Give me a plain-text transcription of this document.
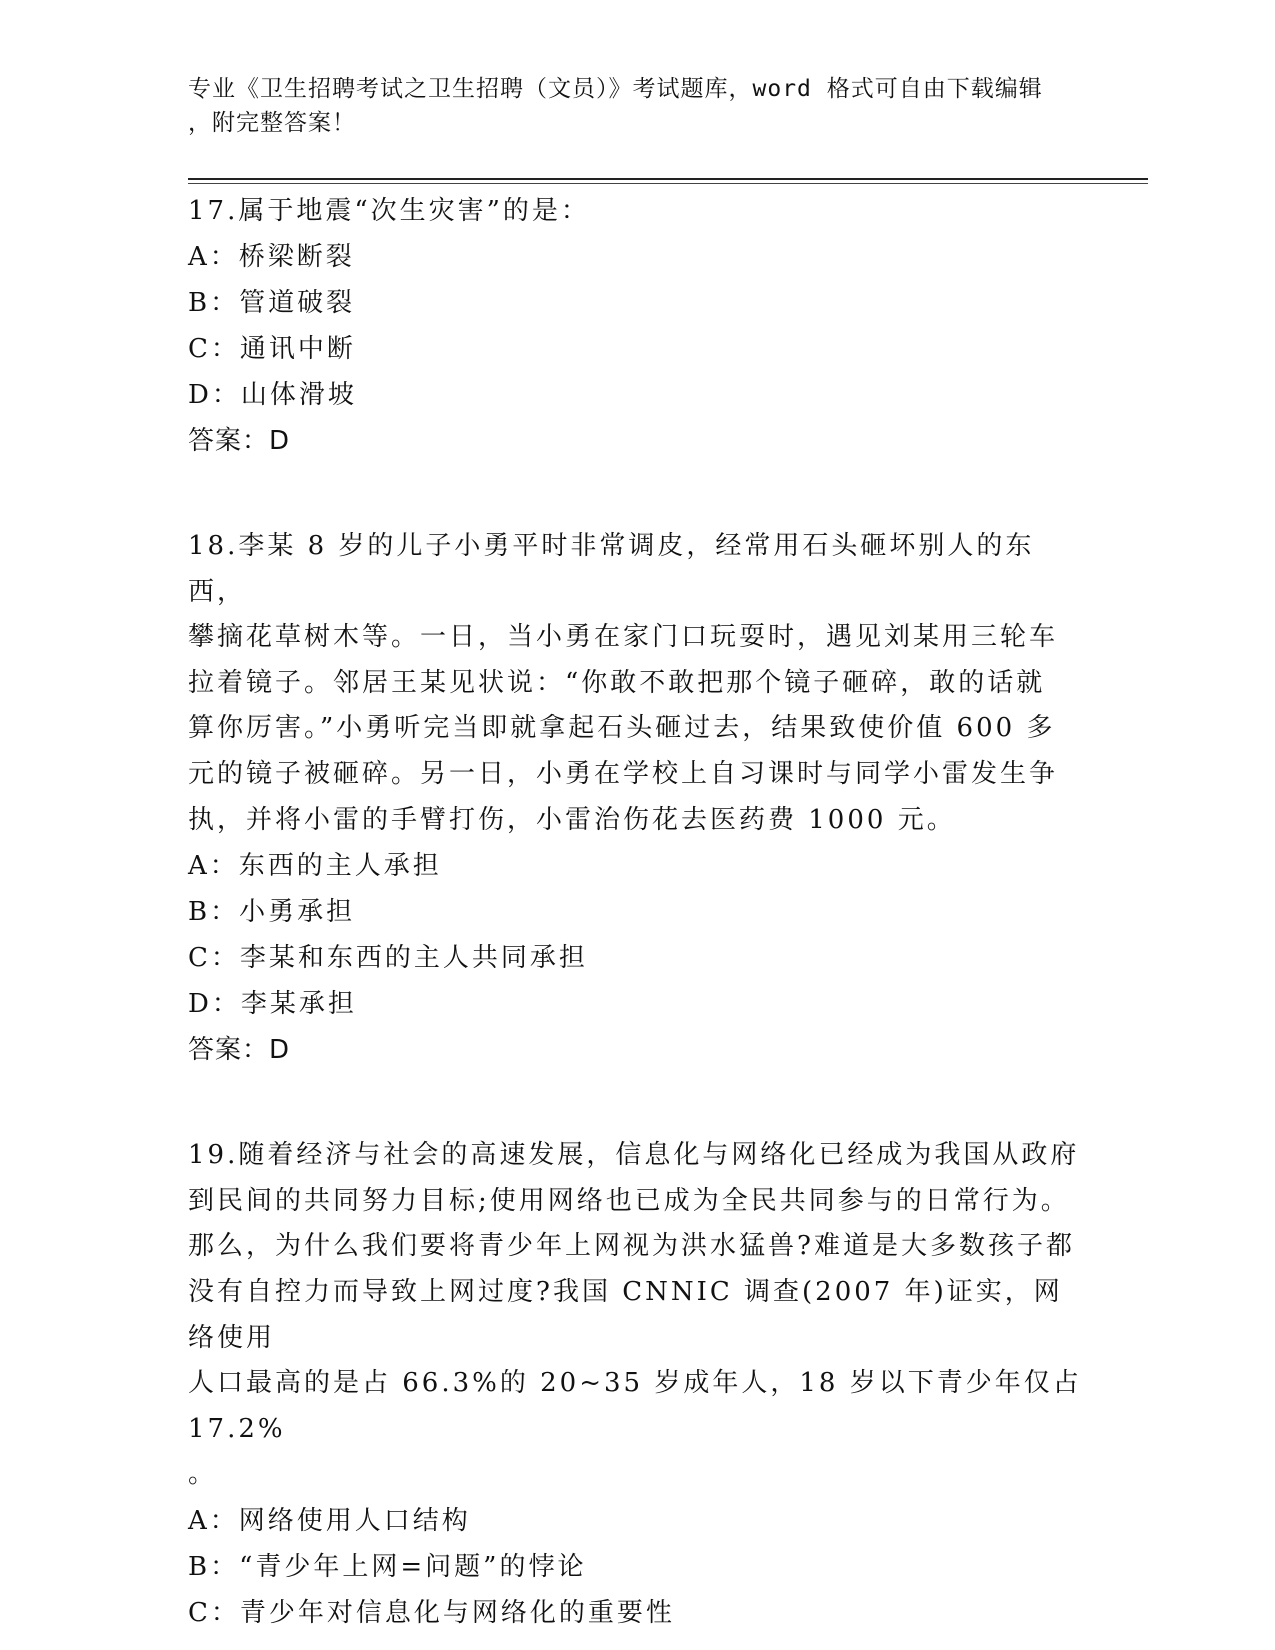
专业《卫生招聘考试之卫生招聘（文员）》考试题库，word 格式可自由下载编辑
，附完整答案！
17.属于地震“次生灾害”的是：
A：桥梁断裂
B：管道破裂
C：通讯中断
D：山体滑坡
答案：D
18.李某 8 岁的儿子小勇平时非常调皮，经常用石头砸坏别人的东西，
攀摘花草树木等。一日，当小勇在家门口玩耍时，遇见刘某用三轮车
拉着镜子。邻居王某见状说：“你敢不敢把那个镜子砸碎，敢的话就
算你厉害。”小勇听完当即就拿起石头砸过去，结果致使价值 600 多
元的镜子被砸碎。另一日，小勇在学校上自习课时与同学小雷发生争
执，并将小雷的手臂打伤，小雷治伤花去医药费 1000 元。
A：东西的主人承担
B：小勇承担
C：李某和东西的主人共同承担
D：李某承担
答案：D
19.随着经济与社会的高速发展，信息化与网络化已经成为我国从政府
到民间的共同努力目标;使用网络也已成为全民共同参与的日常行为。
那么，为什么我们要将青少年上网视为洪水猛兽?难道是大多数孩子都
没有自控力而导致上网过度?我国 CNNIC 调查(2007 年)证实，网络使用
人口最高的是占 66.3%的 20~35 岁成年人，18 岁以下青少年仅占 17.2%
。
A：网络使用人口结构
B：“青少年上网=问题”的悖论
C：青少年对信息化与网络化的重要性
